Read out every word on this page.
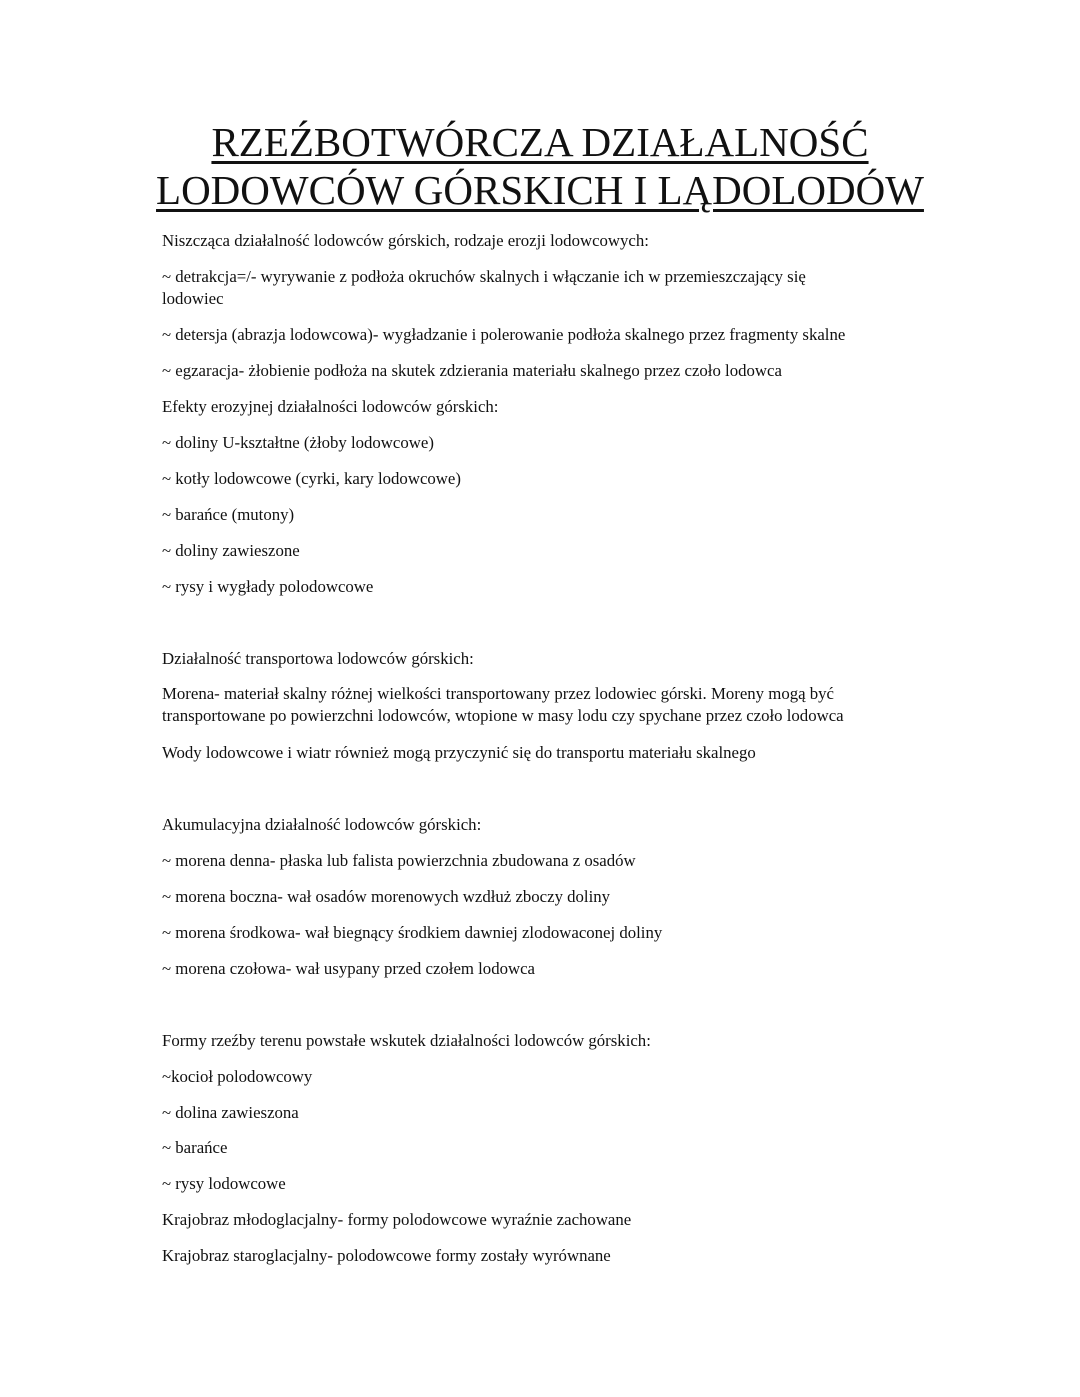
RZEŹBOTWÓRCZA DZIAŁALNOŚĆ
LODOWCÓW GÓRSKICH I LĄDOLODÓW
Niszcząca działalność lodowców górskich, rodzaje erozji lodowcowych:
~ detrakcja=/- wyrywanie z podłoża okruchów skalnych i włączanie ich w przemieszczający się
lodowiec
~ detersja (abrazja lodowcowa)- wygładzanie i polerowanie podłoża skalnego przez fragmenty skalne
~ egzaracja- żłobienie podłoża na skutek zdzierania materiału skalnego przez czoło lodowca
Efekty erozyjnej działalności lodowców górskich:
~ doliny U-kształtne (żłoby lodowcowe)
~ kotły lodowcowe (cyrki, kary lodowcowe)
~ barańce (mutony)
~ doliny zawieszone
~ rysy i wygłady polodowcowe
Działalność transportowa lodowców górskich:
Morena- materiał skalny różnej wielkości transportowany przez lodowiec górski. Moreny mogą być
transportowane po powierzchni lodowców, wtopione w masy lodu czy spychane przez czoło lodowca
Wody lodowcowe i wiatr również mogą przyczynić się do transportu materiału skalnego
Akumulacyjna działalność lodowców górskich:
~ morena denna- płaska lub falista powierzchnia zbudowana z osadów
~ morena boczna- wał osadów morenowych wzdłuż zboczy doliny
~ morena środkowa- wał biegnący środkiem dawniej zlodowaconej doliny
~ morena czołowa- wał usypany przed czołem lodowca
Formy rzeźby terenu powstałe wskutek działalności lodowców górskich:
~kocioł polodowcowy
~ dolina zawieszona
~ barańce
~ rysy lodowcowe
Krajobraz młodoglacjalny- formy polodowcowe wyraźnie zachowane
Krajobraz staroglacjalny- polodowcowe formy zostały wyrównane
